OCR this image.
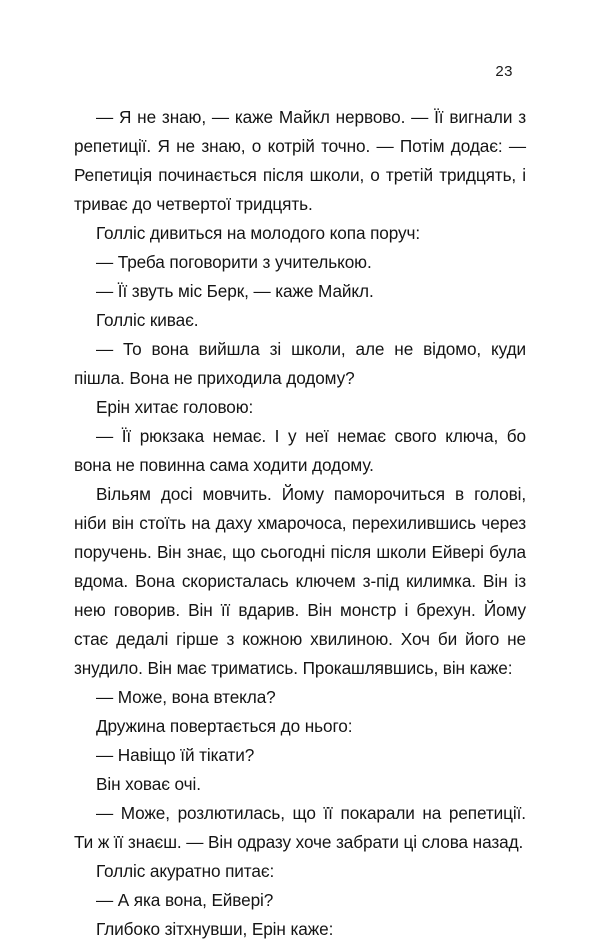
23

— Я не знаю, — каже Майкл нервово. — Її вигнали з репетиції. Я не знаю, о котрій точно. — Потім додає: — Репетиція починається після школи, о третій тридцять, і триває до четвертої тридцять.

Голліс дивиться на молодого копа поруч:

— Треба поговорити з учителькою.

— Її звуть міс Берк, — каже Майкл.

Голліс киває.

— То вона вийшла зі школи, але не відомо, куди пішла. Вона не приходила додому?

Ерін хитає головою:

— Її рюкзака немає. І у неї немає свого ключа, бо вона не повинна сама ходити додому.

Вільям досі мовчить. Йому паморочиться в голові, ніби він стоїть на даху хмарочоса, перехилившись через поручень. Він знає, що сьогодні після школи Ейвері була вдома. Вона скористалась ключем з-під килимка. Він із нею говорив. Він її вдарив. Він монстр і брехун. Йому стає дедалі гірше з кожною хвилиною. Хоч би його не знудило. Він має триматись. Прокашлявшись, він каже:

— Може, вона втекла?

Дружина повертається до нього:

— Навіщо їй тікати?

Він ховає очі.

— Може, розлютилась, що її покарали на репетиції. Ти ж її знаєш. — Він одразу хоче забрати ці слова назад.

Голліс акуратно питає:

— А яка вона, Ейвері?

Глибоко зітхнувши, Ерін каже:
